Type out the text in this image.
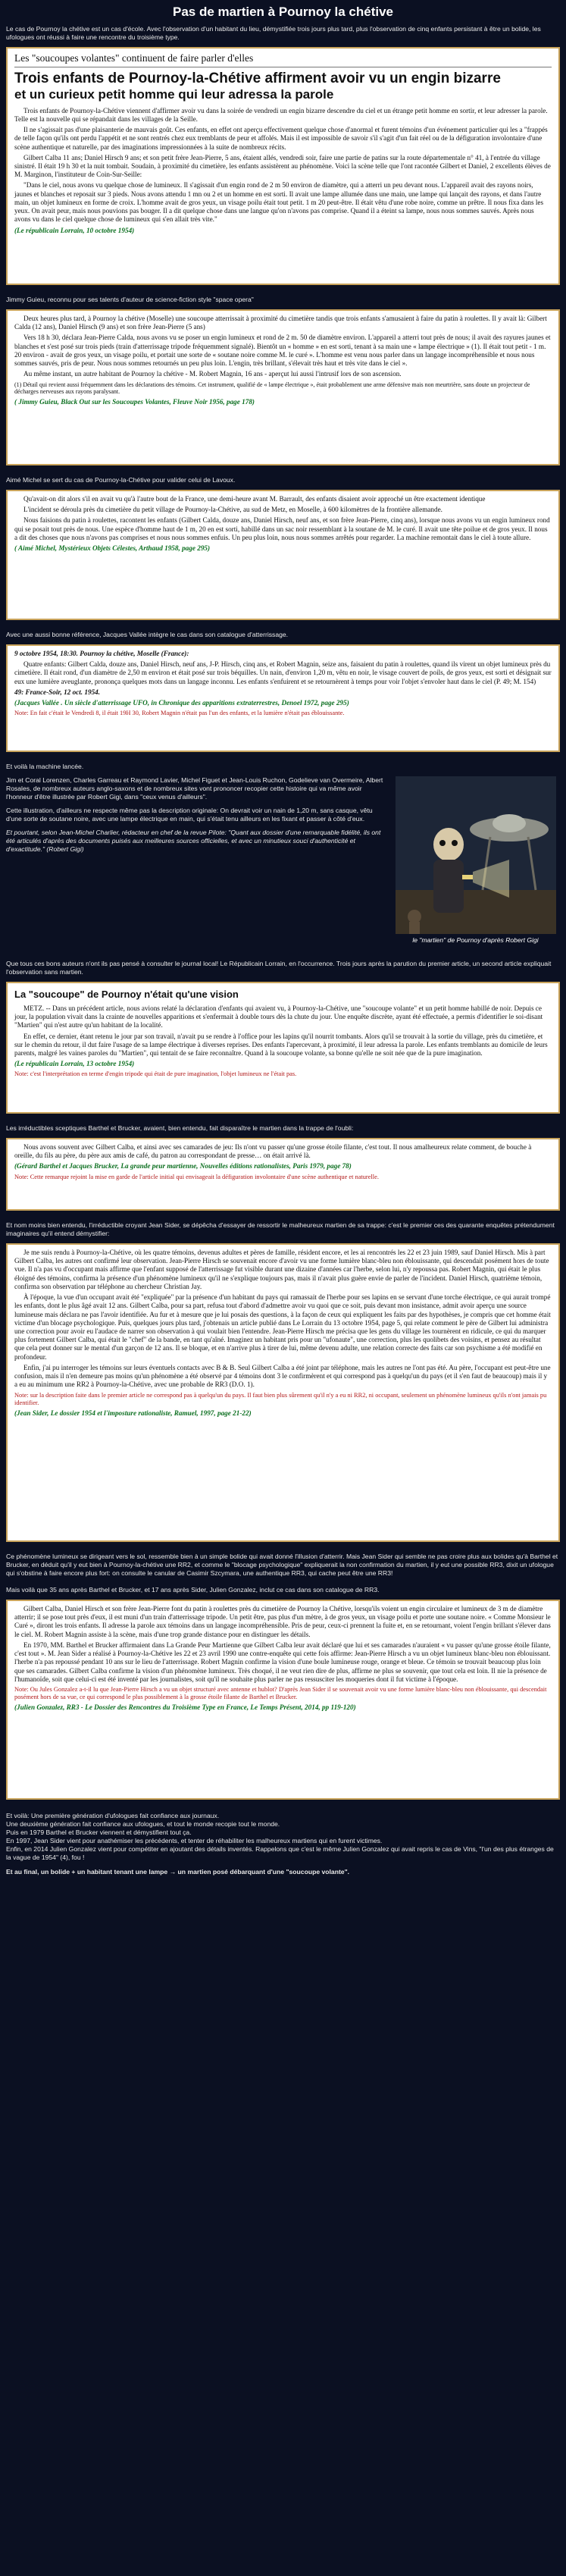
Pas de martien à Pournoy la chétive
Le cas de Pournoy la chétive est un cas d'école. Avec l'observation d'un habitant du lieu, démystifiée trois jours plus tard, plus l'observation de cinq enfants persistant à être un bolide, les ufologues ont réussi à faire une rencontre du troisième type.
Les "soucoupes volantes" continuent de faire parler d'elles
Trois enfants de Pournoy-la-Chétive affirment avoir vu un engin bizarre
et un curieux petit homme qui leur adressa la parole

Trois enfants de Pournoy-la-Chétive viennent d'affirmer avoir vu dans la soirée de vendredi un engin bizarre descendre du ciel et un étrange petit homme en sortir, et leur adresser la parole. Telle est la nouvelle qui se répandait dans les villages de la Seille.

Il ne s'agissait pas d'une plaisanterie de mauvais goût. Ces enfants, en effet ont aperçu effectivement quelque chose d'anormal et furent témoins d'un événement particulier qui les a "frappés de telle façon qu'ils ont perdu l'appétit et ne sont rentrés chez eux tremblants de peur et affolés. Mais il est impossible de savoir s'il s'agit d'un fait réel ou de la défiguration involontaire d'une scène authentique et naturelle, par des imaginations impressionnées à la suite de nombreux récits.

Gilbert Calba 11 ans; Daniel Hirsch 9 ans; et son petit frère Jean-Pierre, 5 ans, étaient allés, vendredi soir, faire une partie de patins sur la route départementale n° 41, à l'entrée du village sinistré. Il était 19 h 30 et la nuit tombait. Soudain, à proximité du cimetière, les enfants assistèrent au phénomène. Voici la scène telle que l'ont racontée Gilbert et Daniel, 2 excellents élèves de M. Marginon, l'instituteur de Coin-Sur-Seille:

"Dans le ciel, nous avons vu quelque chose de lumineux. Il s'agissait d'un engin rond de 2 m 50 environ de diamètre, qui a atterri un peu devant nous. L'appareil avait des rayons noirs, jaunes et blanches et reposait sur 3 pieds. Nous avons attendu 1 mn ou 2 et un homme en est sorti. Il avait une lampe allumée dans une main, une lampe qui lançait des rayons, et dans l'autre main, un objet lumineux en forme de croix. L'homme avait de gros yeux, un visage poilu était tout petit. 1 m 20 peut-être. Il était vêtu d'une robe noire, comme un prêtre. Il nous fixa dans les yeux. On avait peur, mais nous pouvions pas bouger. Il a dit quelque chose dans une langue qu'on n'avons pas comprise. Quand il a éteint sa lampe, nous nous sommes sauvés. Après nous avons vu dans le ciel quelque chose de lumineux qui s'en allait très vite."

(Le républicain Lorrain, 10 octobre 1954)

Jimmy Guieu, reconnu pour ses talents d'auteur de science-fiction style "space opera"

Deux heures plus tard, à Pournoy la chétive (Moselle) une soucoupe atterrissait à proximité du cimetière tandis que trois enfants s'amusaient à faire du patin à roulettes. Il y avait là: Gilbert Calda (12 ans), Daniel Hirsch (9 ans) et son frère Jean-Pierre (5 ans)

Vers 18 h 30, déclara Jean-Pierre Calda, nous avons vu se poser un engin lumineux et rond de 2 m. 50 de diamètre environ. L'appareil a atterri tout près de nous; il avait des rayures jaunes et blanches et s'est posé sur trois pieds (train d'atterrissage tripode fréquemment signalé). Bientôt un « homme » en est sorti, tenant à sa main une « lampe électrique » (1). Il était tout petit - 1 m. 20 environ - avait de gros yeux, un visage poilu, et portait une sorte de « soutane noire comme M. le curé ». L'homme est venu nous parler dans un langage incompréhensible et nous nous sommes sauvés, pris de peur. Nous nous sommes retournés un peu plus loin. L'engin, très brillant, s'élevait très haut et très vite dans le ciel ».

Au même instant, un autre habitant de Pournoy la chétive - M. Robert Magnin, 16 ans - aperçut lui aussi l'intrusif lors de son ascension.

(1) Détail qui revient aussi fréquemment dans les déclarations des témoins. Cet instrument, qualifié de « lampe électrique », était probablement une arme défensive mais non meurtrière, sans doute un projecteur de décharges nerveuses aux rayons paralysant.

( Jimmy Guieu, Black Out sur les Soucoupes Volantes, Fleuve Noir 1956, page 178)

Aimé Michel se sert du cas de Pournoy-la-Chétive pour valider celui de Lavoux.

Qu'avait-on dit alors s'il en avait vu qu'à l'autre bout de la France, une demi-heure avant M. Barrault, des enfants disaient avoir approché un être exactement identique

L'incident se déroula près du cimetière du petit village de Pournoy-la-Chétive, au sud de Metz, en Moselle, à 600 kilomètres de la frontière allemande.

Nous faisions du patin à roulettes, racontent les enfants (Gilbert Calda, douze ans, Daniel Hirsch, neuf ans, et son frère Jean-Pierre, cinq ans), lorsque nous avons vu un engin lumineux rond qui se posait tout près de nous. Une espèce d'homme haut de 1 m, 20 en est sorti, habillé dans un sac noir ressemblant à la soutane de M. le curé. Il avait une tête poilue et de gros yeux. Il nous a dit des choses que nous n'avons pas comprises et nous nous sommes enfuis. Un peu plus loin, nous nous sommes arrêtés pour regarder. La machine remontait dans le ciel à toute allure.

( Aimé Michel, Mystérieux Objets Célestes, Arthaud 1958, page 295)

Avec une aussi bonne référence, Jacques Vallée intègre le cas dans son catalogue d'atterrissage.

9 octobre 1954, 18:30. Pournoy la chétive, Moselle (France):

Quatre enfants: Gilbert Calda, douze ans, Daniel Hirsch, neuf ans, J-P. Hirsch, cinq ans, et Robert Magnin, seize ans, faisaient du patin à roulettes, quand ils virent un objet lumineux près du cimetière. Il était rond, d'un diamètre de 2,50 m environ et était posé sur trois béquilles. Un nain, d'environ 1,20 m, vêtu en noir, le visage couvert de poils, de gros yeux, est sorti et désignait sur eux une lumière aveuglante, prononça quelques mots dans un langage inconnu. Les enfants s'enfuirent et se retournèrent à temps pour voir l'objet s'envoler haut dans le ciel (P. 49; M. 154)

49: France-Soir, 12 oct. 1954.

(Jacques Vallée . Un siècle d'atterrissage UFO, in Chronique des apparitions extraterrestres, Denoel 1972, page 295)

Note: En fait c'était le Vendredi 8, il était 19H 30, Robert Magnin n'était pas l'un des enfants, et la lumière n'était pas éblouissante.

Et voilà la machine lancée.

Jim et Coral Lorenzen, Charles Garreau et Raymond Lavier, Michel Figuet et Jean-Louis Ruchon, Godelieve van Overmeire, Albert Rosales, de nombreux auteurs anglo-saxons et de nombreux sites vont prononcer recopier cette histoire qui va même avoir l'honneur d'être illustrée par Robert Gigi, dans "ceux venus d'ailleurs".

Cette illustration, d'ailleurs ne respecte même pas la description originale: On devrait voir un nain de 1,20 m, sans casque, vêtu d'une sorte de soutane noire, avec une lampe électrique en main, qui s'était tenu ailleurs en les fixant et passer à côté d'eux.

Et pourtant, selon Jean-Michel Charlier, rédacteur en chef de la revue Pilote: "Quant aux dossier d'une remarquable fidélité, ils ont été articulés d'après des documents puisés aux meilleures sources officielles, et avec un minutieux souci d'authenticité et d'exactitude." (Robert Gigi)

le "martien" de Pournoy d'après Robert Gigi
Que tous ces bons auteurs n'ont ils pas pensé à consulter le journal local! Le Républicain Lorrain, en l'occurrence. Trois jours après la parution du premier article, un second article expliquait l'observation sans martien.
La "soucoupe" de Pournoy n'était qu'une vision

METZ. -- Dans un précédent article, nous avions relaté la déclaration d'enfants qui avaient vu, à Pournoy-la-Chétive, une "soucoupe volante" et un petit homme habillé de noir. Depuis ce jour, la population vivait dans la crainte de nouvelles apparitions et s'enfermait à double tours dès la chute du jour. Une enquête discrète, ayant été effectuée, a permis d'identifier le soi-disant "Martien" qui n'est autre qu'un habitant de la localité.

En effet, ce dernier, étant retenu le jour par son travail, n'avait pu se rendre à l'office pour les lapins qu'il nourrit tombants. Alors qu'il se trouvait à la sortie du village, près du cimetière, et sur le chemin du retour, il dut faire l'usage de sa lampe électrique à diverses reprises. Des enfants l'apercevant, à proximité, il leur adressa la parole. Les enfants tremblants au domicile de leurs parents, malgré les vaines paroles du "Martien", qui tentait de se faire reconnaître. Quand à la soucoupe volante, sa bonne qu'elle ne soit née que de la pure imagination.

(Le républicain Lorrain, 13 octobre 1954)

Note: c'est l'interprétation en terme d'engin tripode qui était de pure imagination, l'objet lumineux ne l'était pas.

Les irréductibles sceptiques Barthel et Brucker, avaient, bien entendu, fait disparaître le martien dans la trappe de l'oubli:

Nous avons souvent avec Gilbert Calba, et ainsi avec ses camarades de jeu: Ils n'ont vu passer qu'une grosse étoile filante, c'est tout. Il nous amalheureux relate comment, de bouche à oreille, du fils au père, du père aux amis de café, du patron au correspondant de presse… on était arrivé là.

(Gérard Barthel et Jacques Brucker, La grande peur martienne, Nouvelles éditions rationalistes, Paris 1979, page 78)

Note: Cette remarque rejoint la mise en garde de l'article initial qui envisageait la défiguration involontaire d'une scène authentique et naturelle.

Et nom moins bien entendu, l'irréductible croyant Jean Sider, se dépêcha d'essayer de ressortir le malheureux martien de sa trappe: c'est le premier ces des quarante enquêtes prétendument imaginaires qu'il entend démystifier:

Je me suis rendu à Pournoy-la-Chétive, où les quatre témoins, devenus adultes et pères de famille, résident encore, et les ai rencontrés les 22 et 23 juin 1989, sauf Daniel Hirsch. Mis à part Gilbert Calba, les autres ont confirmé leur observation. Jean-Pierre Hirsch se souvenait encore d'avoir vu une forme lumière blanc-bleu non éblouissante, qui descendait posément hors de toute vue. Il n'a pas vu d'occupant mais affirme que l'enfant supposé de l'atterrissage fut visible durant une dizaine d'années car l'herbe, selon lui, n'y repoussa pas. Robert Magnin, qui était le plus éloigné des témoins, confirma la présence d'un phénomène lumineux qu'il ne s'explique toujours pas, mais il n'avait plus guère envie de parler de l'incident. Daniel Hirsch, quatrième témoin, confirma son observation par téléphone au chercheur Christian Jay.

À l'époque, la vue d'un occupant avait été "expliquée" par la présence d'un habitant du pays qui ramassait de l'herbe pour ses lapins en se servant d'une torche électrique, ce qui aurait trompé les enfants, dont le plus âgé avait 12 ans. Gilbert Calba, pour sa part, refusa tout d'abord d'admettre avoir vu quoi que ce soit, puis devant mon insistance, admit avoir aperçu une source lumineuse mais déclara ne pas l'avoir identifiée. Au fur et à mesure que je lui posais des questions, à la façon de ceux qui expliquent les faits par des hypothèses, je compris que cet homme était victime d'un blocage psychologique. Puis, quelques jours plus tard, j'obtenais un article publié dans Le Lorrain du 13 octobre 1954, page 5, qui relate comment le père de Gilbert lui administra une correction pour avoir eu l'audace de narrer son observation à qui voulait bien l'entendre. Jean-Pierre Hirsch me précisa que les gens du village les tournèrent en ridicule, ce qui du marquer plus fortement Gilbert Calba, qui était le "chef" de la bande, en tant qu'aîné. Imaginez un habitant pris pour un "ufonaute", une correction, plus les quolibets des voisins, et pensez au résultat que cela peut donner sur le mental d'un garçon de 12 ans. Il se bloque, et en n'arrive plus à tirer de lui, même devenu adulte, une relation correcte des faits car son psychisme a été modifié en profondeur.

Enfin, j'ai pu interroger les témoins sur leurs éventuels contacts avec B & B. Seul Gilbert Calba a été joint par téléphone, mais les autres ne l'ont pas été. Au père, l'occupant est peut-être une confusion, mais il n'en demeure pas moins qu'un phénomène a été observé par 4 témoins dont 3 le confirmèrent et qui correspond pas à quelqu'un du pays (et il s'en faut de beaucoup) mais il y a eu au minimum une RR2 à Pournoy-la-Chétive, avec une probable de RR3 (D.O. 1).

Note: sur la description faite dans le premier article ne correspond pas à quelqu'un du pays. Il faut bien plus sûrement qu'il n'y a eu ni RR2, ni occupant, seulement un phénomène lumineux qu'ils n'ont jamais pu identifier.

(Jean Sider, Le dossier 1954 et l'imposture rationaliste, Ramuel, 1997, page 21-22)

Ce phénomène lumineux se dirigeant vers le sol, ressemble bien à un simple bolide qui avait donné l'illusion d'atterrir. Mais Jean Sider qui semble ne pas croire plus aux bolides qu'à Barthel et Brucker, en déduit qu'il y eut bien à Pournoy-la-chétive une RR2, et comme le "blocage psychologique" expliquerait la non confirmation du martien, il y eut une possible RR3, dixit un ufologue qui s'obstine à faire encore plus fort: on consulte le canular de Casimir Szcymara, une authentique RR3, qui cache peut être une RR3!
Mais voilà que 35 ans après Barthel et Brucker, et 17 ans après Sider, Julien Gonzalez, inclut ce cas dans son catalogue de RR3.

Gilbert Calba, Daniel Hirsch et son frère Jean-Pierre font du patin à roulettes près du cimetière de Pournoy la Chétive, lorsqu'ils voient un engin circulaire et lumineux de 3 m de diamètre atterrir; il se pose tout près d'eux, il est muni d'un train d'atterrissage tripode. Un petit être, pas plus d'un mètre, à de gros yeux, un visage poilu et porte une soutane noire. « Comme Monsieur le Curé », diront les trois enfants. Il adresse la parole aux témoins dans un langage incompréhensible. Pris de peur, ceux-ci prennent la fuite et, en se retournant, voient l'engin brillant s'élever dans le ciel. M. Robert Magnin assiste à la scène, mais d'une trop grande distance pour en distinguer les détails.

En 1970, MM. Barthel et Brucker affirmaient dans La Grande Peur Martienne que Gilbert Calba leur avait déclaré que lui et ses camarades n'auraient « vu passer qu'une grosse étoile filante, c'est tout ». M. Jean Sider a réalisé à Pournoy-la-Chétive les 22 et 23 avril 1990 une contre-enquête qui cette fois affirme: Jean-Pierre Hirsch a vu un objet lumineux blanc-bleu non éblouissant. l'herbe n'a pas repoussé pendant 10 ans sur le lieu de l'atterrissage. Robert Magnin confirme la vision d'une boule lumineuse rouge, orange et bleue. Ce témoin se trouvait beaucoup plus loin que ses camarades. Gilbert Calba confirme la vision d'un phénomène lumineux. Très choqué, il ne veut rien dire de plus, affirme ne plus se souvenir, que tout cela est loin. Il nie la présence de l'humanoïde, soit que celui-ci est été inventé par les journalistes, soit qu'il ne souhaite plus parler ne pas ressusciter les moqueries dont il fut victime à l'époque.

Note: Ou Jules Gonzalez a-t-il lu que Jean-Pierre Hirsch a vu un objet structuré avec antenne et hublot? D'après Jean Sider il se souvenait avoir vu une forme lumière blanc-bleu non éblouissante, qui descendait posément hors de sa vue, ce qui correspond le plus possiblement à la grosse étoile filante de Barthel et Brucker.

(Julien Gonzalez, RR3 - Le Dossier des Rencontres du Troisième Type en France, Le Temps Présent, 2014, pp 119-120)

Et voilà: Une première génération d'ufologues fait confiance aux journaux.
Une deuxième génération fait confiance aux ufologues, et tout le monde recopie tout le monde.
Puis en 1979 Barthel et Brucker viennent et démystifient tout ça.
En 1997, Jean Sider vient pour anathémiser les précédents, et tenter de réhabiliter les malheureux martiens qui en furent victimes.
Enfin, en 2014 Julien Gonzalez vient pour compétiter en ajoutant des détails inventés. Rappelons que c'est le même Julien Gonzalez qui avait repris le cas de Vins, "l'un des plus étranges de la vague de 1954" (4), fou !
Et au final, un bolide + un habitant tenant une lampe → un martien posé débarquant d'une "soucoupe volante".
